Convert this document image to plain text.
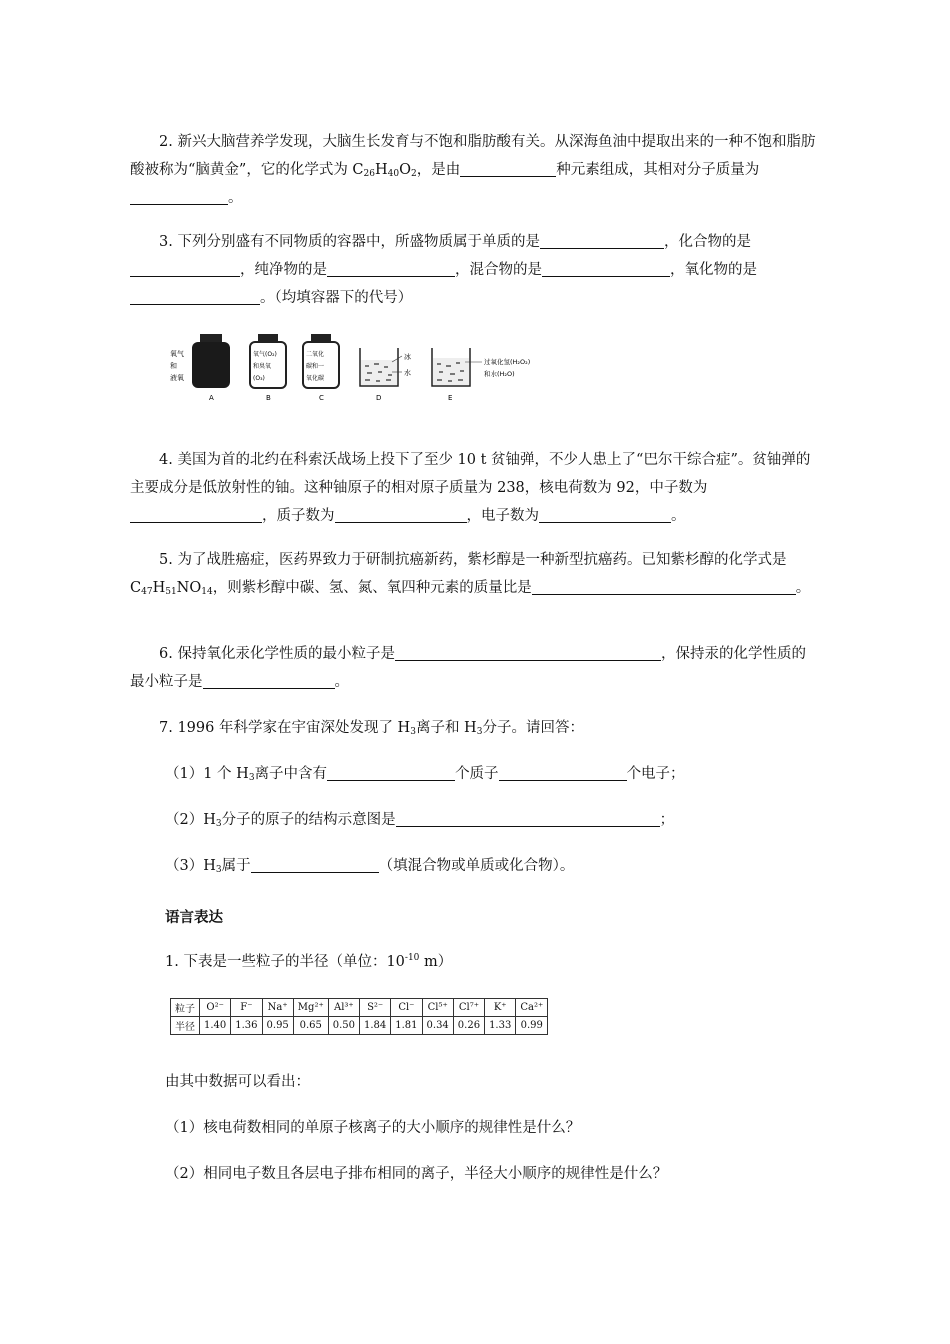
2. 新兴大脑营养学发现，大脑生长发育与不饱和脂肪酸有关。从深海鱼油中提取出来的一种不饱和脂肪酸被称为“脑黄金”，它的化学式为 $C_{26}H_{40}O_2$，是由	种元素组成，其相对分子质量为。
3. 下列分别盛有不同物质的容器中，所盛物质属于单质的是	，化合物的是，纯净物的是	，混合物的是	，氧化物的是。（均填容器下的代号）
氧气
和
液氧
A
氧气(O₂)
和臭氧
(O₃)
B
二氧化
碳和一
氧化碳
C
冰
水
D
过氧化氢(H₂O₂)
和水(H₂O)
E
4. 美国为首的北约在科索沃战场上投下了至少 10 t 贫铀弹，不少人患上了“巴尔干综合症”。贫铀弹的主要成分是低放射性的铀。这种铀原子的相对原子质量为 238，核电荷数为 92，中子数为，质子数为	，电子数为	。
5. 为了战胜癌症，医药界致力于研制抗癌新药，紫杉醇是一种新型抗癌药。已知紫杉醇的化学式是 $C_{47}H_{51}NO_{14}$，则紫杉醇中碳、氢、氮、氧四种元素的质量比是	。
6. 保持氧化汞化学性质的最小粒子是	，保持汞的化学性质的最小粒子是	。
7. 1996 年科学家在宇宙深处发现了 $H_3$离子和 $H_3$分子。请回答：
（1）1 个 $H_3$离子中含有	个质子	个电子；
$(2)H_3$分子的原子的结构示意图是	；
$(3)H_3$属于	（填混合物或单质或化合物）。
语言表达
1. 下表是一些粒子的半径（单位：$10^{-10}$ m）
粒子	O²⁻	F⁻	Na⁺	Mg²⁺	Al³⁺	S²⁻	Cl⁻	Cl⁵⁺	Cl⁷⁺	K⁺	Ca²⁺
半径	1.40	1.36	0.95	0.65	0.50	1.84	1.81	0.34	0.26	1.33	0.99
由其中数据可以看出：
（1）核电荷数相同的单原子核离子的大小顺序的规律性是什么？
（2）相同电子数且各层电子排布相同的离子，半径大小顺序的规律性是什么？
